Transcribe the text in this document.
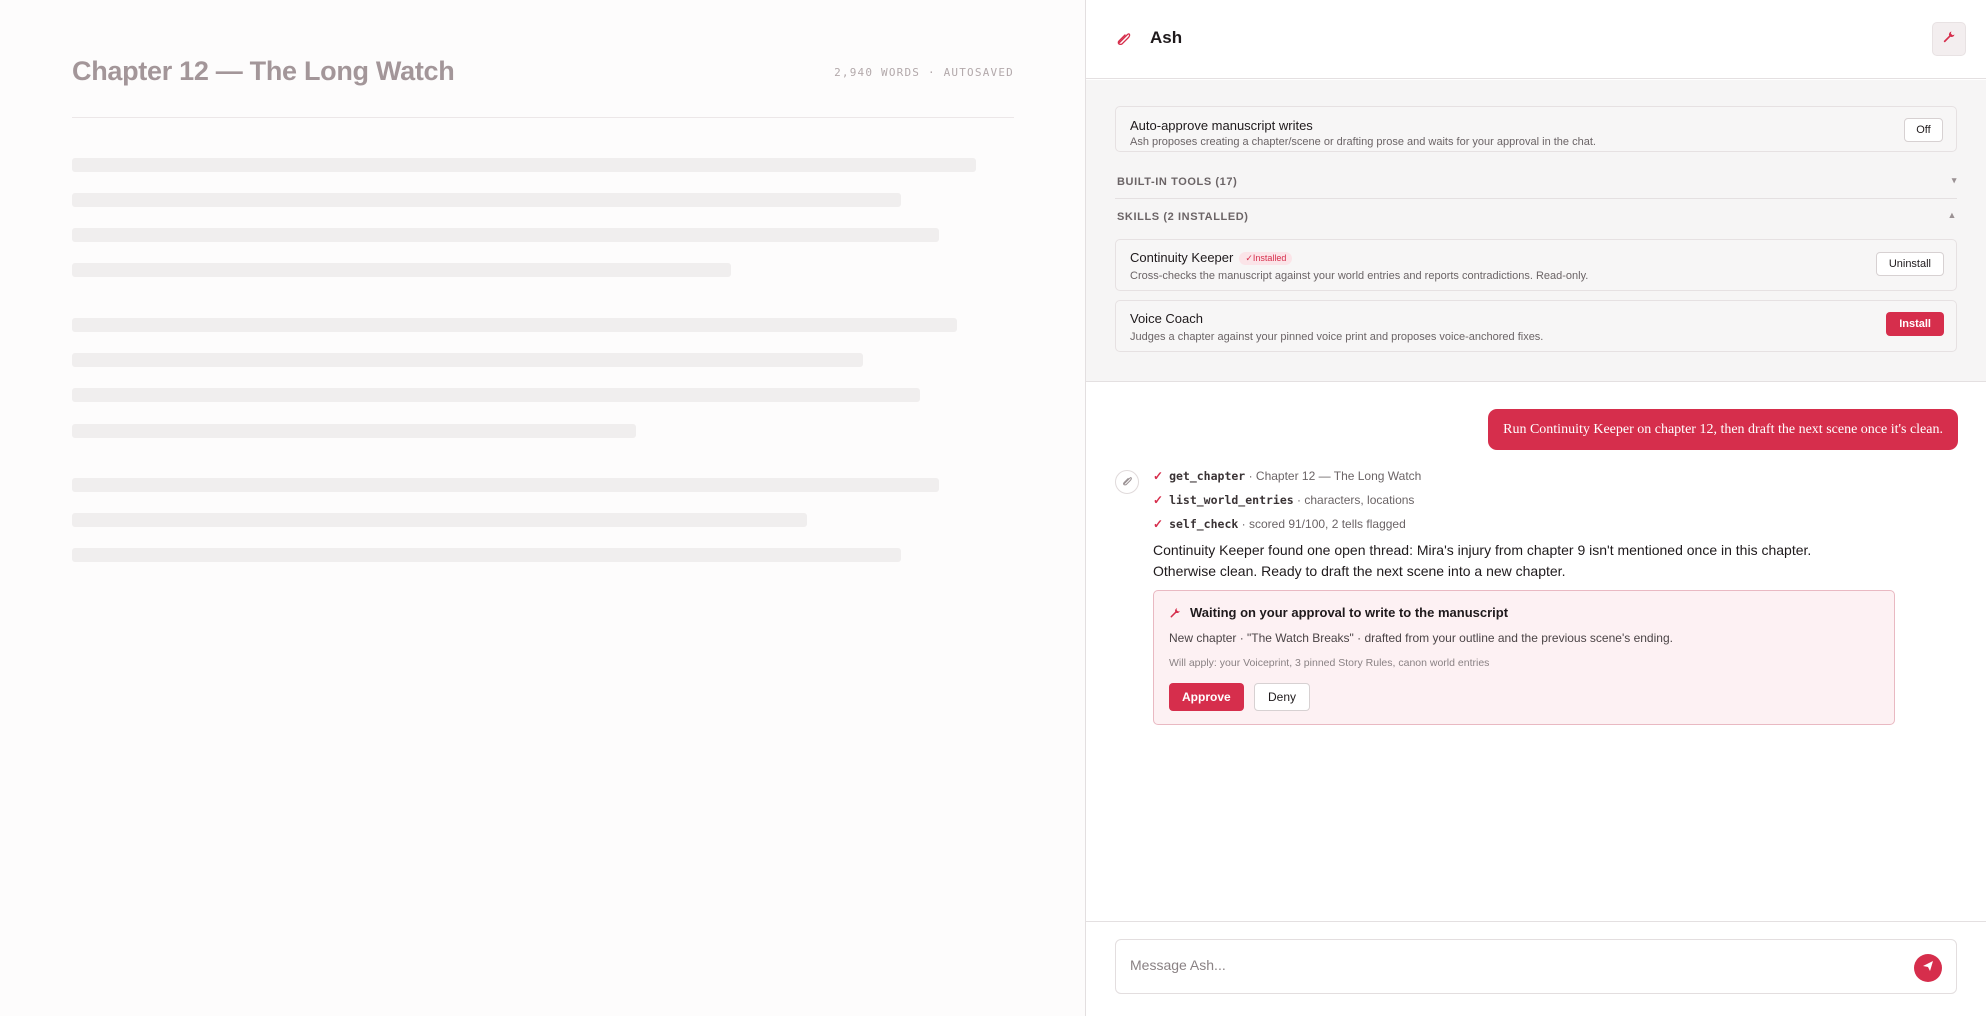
Chapter 12 — The Long Watch	2,940 WORDS · AUTOSAVED
Ash
Auto-approve manuscript writes
Ash proposes creating a chapter/scene or drafting prose and waits for your approval in the chat.
Off
BUILT-IN TOOLS (17)	▾
SKILLS (2 INSTALLED)	▲
Continuity Keeper ✓Installed
Cross-checks the manuscript against your world entries and reports contradictions. Read-only.
Uninstall
Voice Coach
Judges a chapter against your pinned voice print and proposes voice-anchored fixes.
Install
Run Continuity Keeper on chapter 12, then draft the next scene once it's clean.
✓ get_chapter · Chapter 12 — The Long Watch
✓ list_world_entries · characters, locations
✓ self_check · scored 91/100, 2 tells flagged
Continuity Keeper found one open thread: Mira's injury from chapter 9 isn't mentioned once in this chapter.
Otherwise clean. Ready to draft the next scene into a new chapter.
Waiting on your approval to write to the manuscript
New chapter · "The Watch Breaks" · drafted from your outline and the previous scene's ending.
Will apply: your Voiceprint, 3 pinned Story Rules, canon world entries
Approve	Deny
Message Ash...
